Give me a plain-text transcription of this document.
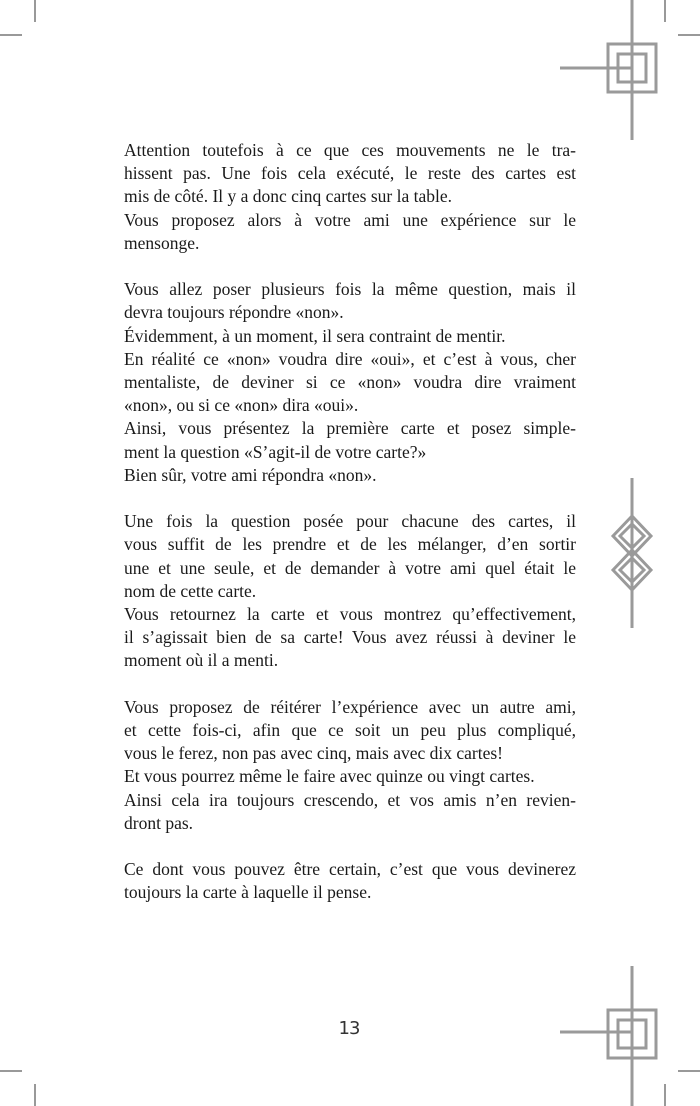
Attention toutefois à ce que ces mouvements ne le tra-
hissent pas. Une fois cela exécuté, le reste des cartes est
mis de côté. Il y a donc cinq cartes sur la table.
Vous proposez alors à votre ami une expérience sur le
mensonge.
Vous allez poser plusieurs fois la même question, mais il
devra toujours répondre «non».
Évidemment, à un moment, il sera contraint de mentir.
En réalité ce «non» voudra dire «oui», et c’est à vous, cher
mentaliste, de deviner si ce «non» voudra dire vraiment
«non», ou si ce «non» dira «oui».
Ainsi, vous présentez la première carte et posez simple-
ment la question «S’agit-il de votre carte?»
Bien sûr, votre ami répondra «non».
Une fois la question posée pour chacune des cartes, il
vous suffit de les prendre et de les mélanger, d’en sortir
une et une seule, et de demander à votre ami quel était le
nom de cette carte.
Vous retournez la carte et vous montrez qu’effectivement,
il s’agissait bien de sa carte! Vous avez réussi à deviner le
moment où il a menti.
Vous proposez de réitérer l’expérience avec un autre ami,
et cette fois-ci, afin que ce soit un peu plus compliqué,
vous le ferez, non pas avec cinq, mais avec dix cartes!
Et vous pourrez même le faire avec quinze ou vingt cartes.
Ainsi cela ira toujours crescendo, et vos amis n’en revien-
dront pas.
Ce dont vous pouvez être certain, c’est que vous devinerez
toujours la carte à laquelle il pense.
13
